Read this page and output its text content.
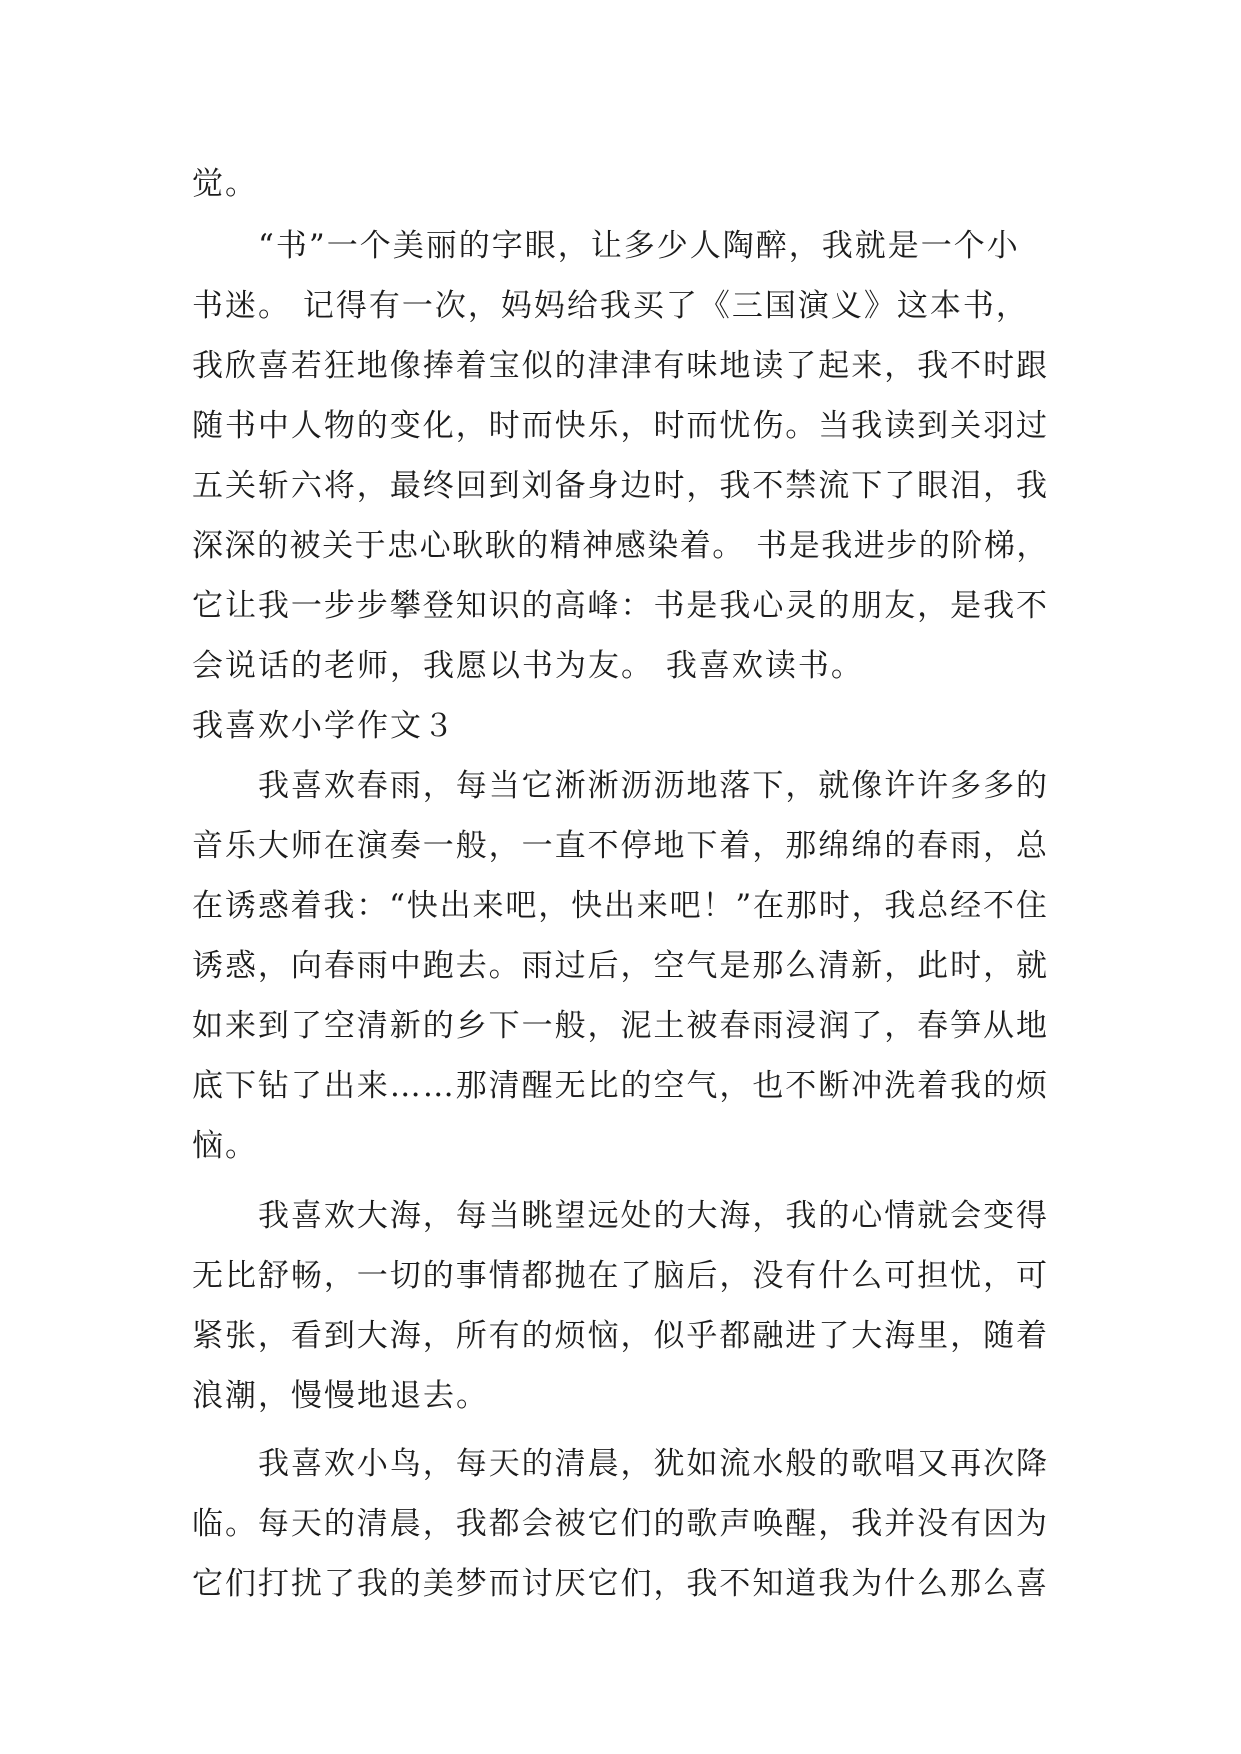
觉。
“书”一个美丽的字眼，让多少人陶醉，我就是一个小
书迷。 记得有一次，妈妈给我买了《三国演义》这本书，
我欣喜若狂地像捧着宝似的津津有味地读了起来，我不时跟
随书中人物的变化，时而快乐，时而忧伤。当我读到关羽过
五关斩六将，最终回到刘备身边时，我不禁流下了眼泪，我
深深的被关于忠心耿耿的精神感染着。 书是我进步的阶梯，
它让我一步步攀登知识的高峰：书是我心灵的朋友，是我不
会说话的老师，我愿以书为友。 我喜欢读书。
我喜欢小学作文３
我喜欢春雨，每当它淅淅沥沥地落下，就像许许多多的
音乐大师在演奏一般，一直不停地下着，那绵绵的春雨，总
在诱惑着我：“快出来吧，快出来吧！”在那时，我总经不住
诱惑，向春雨中跑去。雨过后，空气是那么清新，此时，就
如来到了空清新的乡下一般，泥土被春雨浸润了，春笋从地
底下钻了出来……那清醒无比的空气，也不断冲洗着我的烦
恼。
我喜欢大海，每当眺望远处的大海，我的心情就会变得
无比舒畅，一切的事情都抛在了脑后，没有什么可担忧，可
紧张，看到大海，所有的烦恼，似乎都融进了大海里，随着
浪潮，慢慢地退去。
我喜欢小鸟，每天的清晨，犹如流水般的歌唱又再次降
临。每天的清晨，我都会被它们的歌声唤醒，我并没有因为
它们打扰了我的美梦而讨厌它们，我不知道我为什么那么喜
